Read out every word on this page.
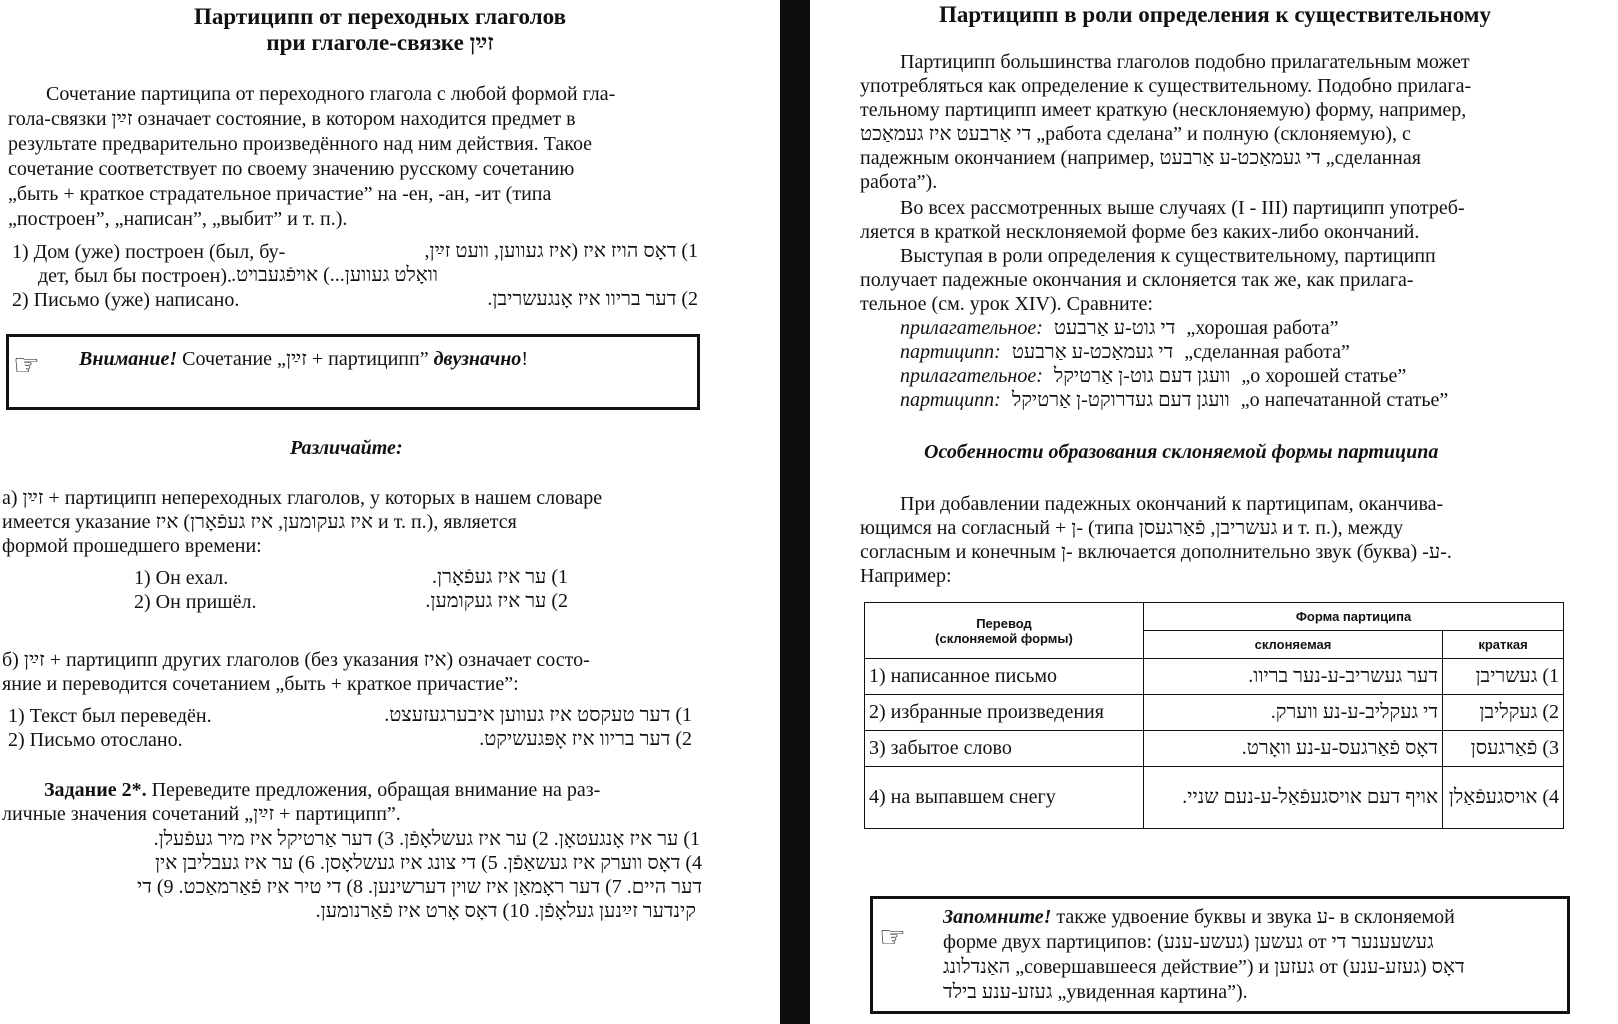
Партиципп от переходных глаголов
при глаголе-связке זײַן
Сочетание партиципа от переходного глагола с любой формой гла-
гола-связки זײַן означает состояние, в котором находится предмет в
результате предварительно произведённого над ним действия. Такое
сочетание соответствует по своему значению русскому сочетанию
„быть + краткое страдательное причастие” на -ен, -ан, -ит (типа
„построен”, „написан”, „выбит” и т. п.).
1) Дом (уже) построен (был, бу-
дет, был бы построен).
1) דאָס הויז איז (איז געווען, וועט זײַן,
וואָלט געווען...) אױפֿגעבױט.
2) Письмо (уже) написано.	2) דער בריוו איז אָנגעשריבן.
☞ Внимание! Сочетание „זײַן + партиципп” двузначно!
Различайте:
а) זײַן + партиципп непереходных глаголов, у которых в нашем словаре
имеется указание איז (איז געקומען, איז געפֿאָרן и т. п.), является
формой прошедшего времени:
1) Он ехал.	1) ער איז געפֿאָרן.
2) Он пришёл.	2) ער איז געקומען.
б) זײַן + партиципп других глаголов (без указания איז) означает состо-
яние и переводится сочетанием „быть + краткое причастие”:
1) Текст был переведён.	1) דער טעקסט איז געווען איבערגעזעצט.
2) Письмо отослано.	2) דער בריוו איז אָפּגעשיקט.
Задание 2*. Переведите предложения, обращая внимание на раз-
личные значения сочетаний „זײַן + партиципп”.
1) ער איז אָנגעטאָן. 2) ער איז געשלאָפֿן. 3) דער אַרטיקל איז מיר געפֿעלן.
4) דאָס ווערק איז געשאַפֿן. 5) די צונג איז געשלאָסן. 6) ער איז געבליבן אין
דער היים. 7) דער ראָמאַן איז שוין דערשינען. 8) די טיר איז פֿאַרמאַכט. 9) די
קינדער זײַנען געלאָפֿן. 10) דאָס אָרט איז פֿאַרנומען.
Партиципп в роли определения к существительному
Партиципп большинства глаголов подобно прилагательным может
употребляться как определение к существительному. Подобно прилага-
тельному партиципп имеет краткую (несклоняемую) форму, например,
די אַרבעט איז געמאַכט „работа сделана” и полную (склоняемую), с
падежным окончанием (например, די געמאַכט-ע אַרבעט „сделанная
работа”).
Во всех рассмотренных выше случаях (I - III) партиципп употреб-
ляется в краткой несклоняемой форме без каких-либо окончаний.
Выступая в роли определения к существительному, партиципп
получает падежные окончания и склоняется так же, как прилага-
тельное (см. урок XIV). Сравните:
прилагательное: די גוט-ע אַרבעט „хорошая работа”
партиципп: די געמאַכט-ע אַרבעט „сделанная работа”
прилагательное: וועגן דעם גוט-ן אַרטיקל „о хорошей статье”
партиципп: וועגן דעם געדרוקט-ן אַרטיקל „о напечатанной статье”
Особенности образования склоняемой формы партиципа
При добавлении падежных окончаний к партиципам, оканчива-
ющимся на согласный + ן- (типа געשריבן, פֿאַרגעסן и т. п.), между
согласным и конечным ן- включается дополнительно звук (буква) -ע-.
Например:
Перевод
(склоняемой формы)	Форма партиципа	
	склоняемая	краткая
1) написанное письмо	דער געשריב-ע-נער בריוו.	1) געשריבן
2) избранные произведения	די געקליב-ע-נע ווערק.	2) געקליבן
3) забытое слово	דאָס פֿאַרגעס-ע-נע וואָרט.	3) פֿאַרגעסן
4) на выпавшем снегу	אויף דעם אויסגעפֿאַל-ע-נעם שניי.	4) אויסגעפֿאַלן
☞
Запомните! также удвоение буквы и звука ע- в склоняемой
форме двух партиципов: געשען (געשע-ענע) от געשעענער די
האַנדלונג „совершавшееся действие”) и געזען от (געזע-ענע) דאָס
געזע-ענע בילד „увиденная картина”).
